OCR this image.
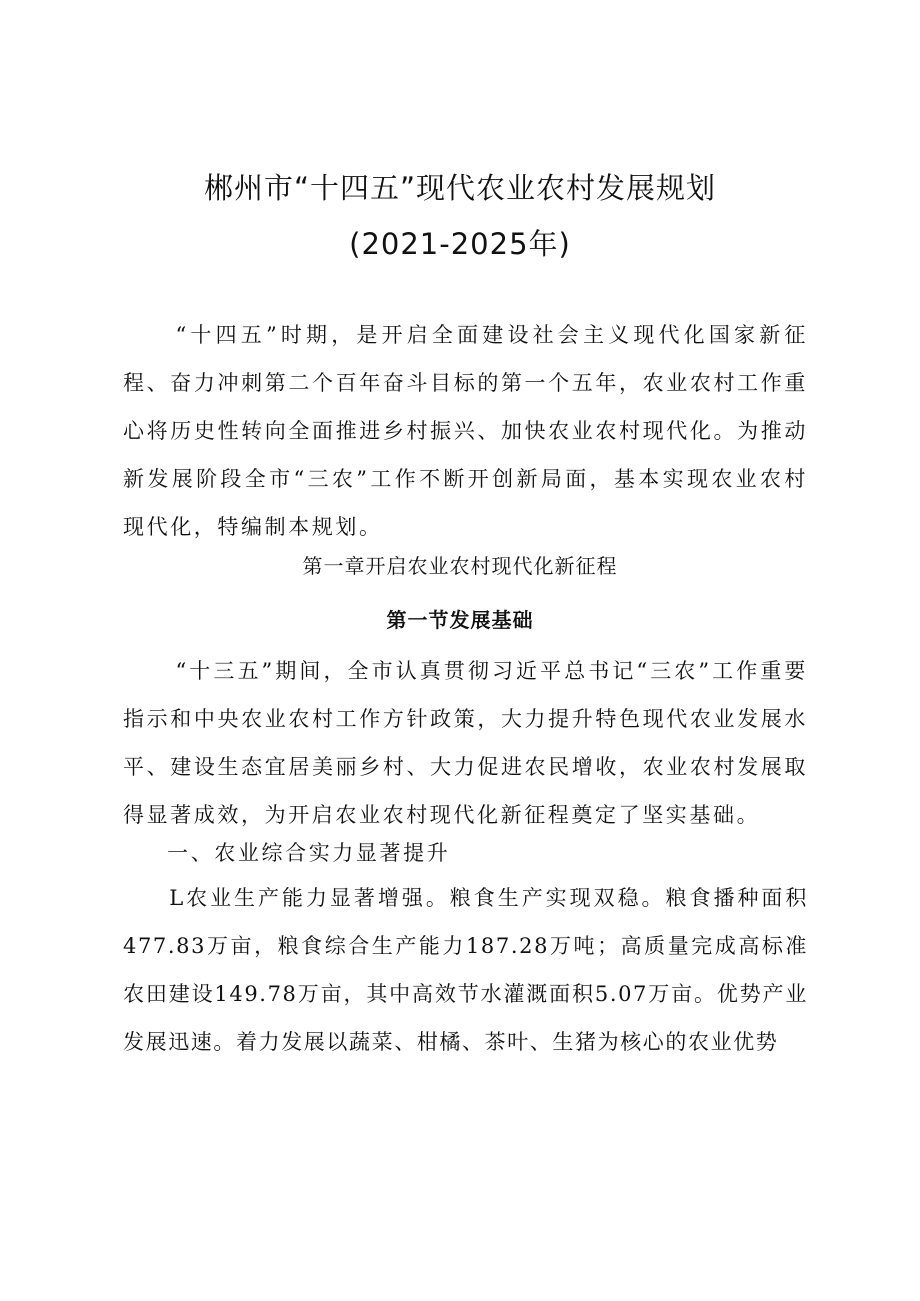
郴州市“十四五”现代农业农村发展规划
(2021-2025年)

“十四五”时期，是开启全面建设社会主义现代化国家新征程、奋力冲刺第二个百年奋斗目标的第一个五年，农业农村工作重心将历史性转向全面推进乡村振兴、加快农业农村现代化。为推动新发展阶段全市“三农”工作不断开创新局面，基本实现农业农村现代化，特编制本规划。

第一章开启农业农村现代化新征程
第一节发展基础

“十三五”期间，全市认真贯彻习近平总书记“三农”工作重要指示和中央农业农村工作方针政策，大力提升特色现代农业发展水平、建设生态宜居美丽乡村、大力促进农民增收，农业农村发展取得显著成效，为开启农业农村现代化新征程奠定了坚实基础。

一、农业综合实力显著提升

L农业生产能力显著增强。粮食生产实现双稳。粮食播种面积477.83万亩，粮食综合生产能力187.28万吨；高质量完成高标准农田建设149.78万亩，其中高效节水灌溉面积5.07万亩。优势产业发展迅速。着力发展以蔬菜、柑橘、茶叶、生猪为核心的农业优势
